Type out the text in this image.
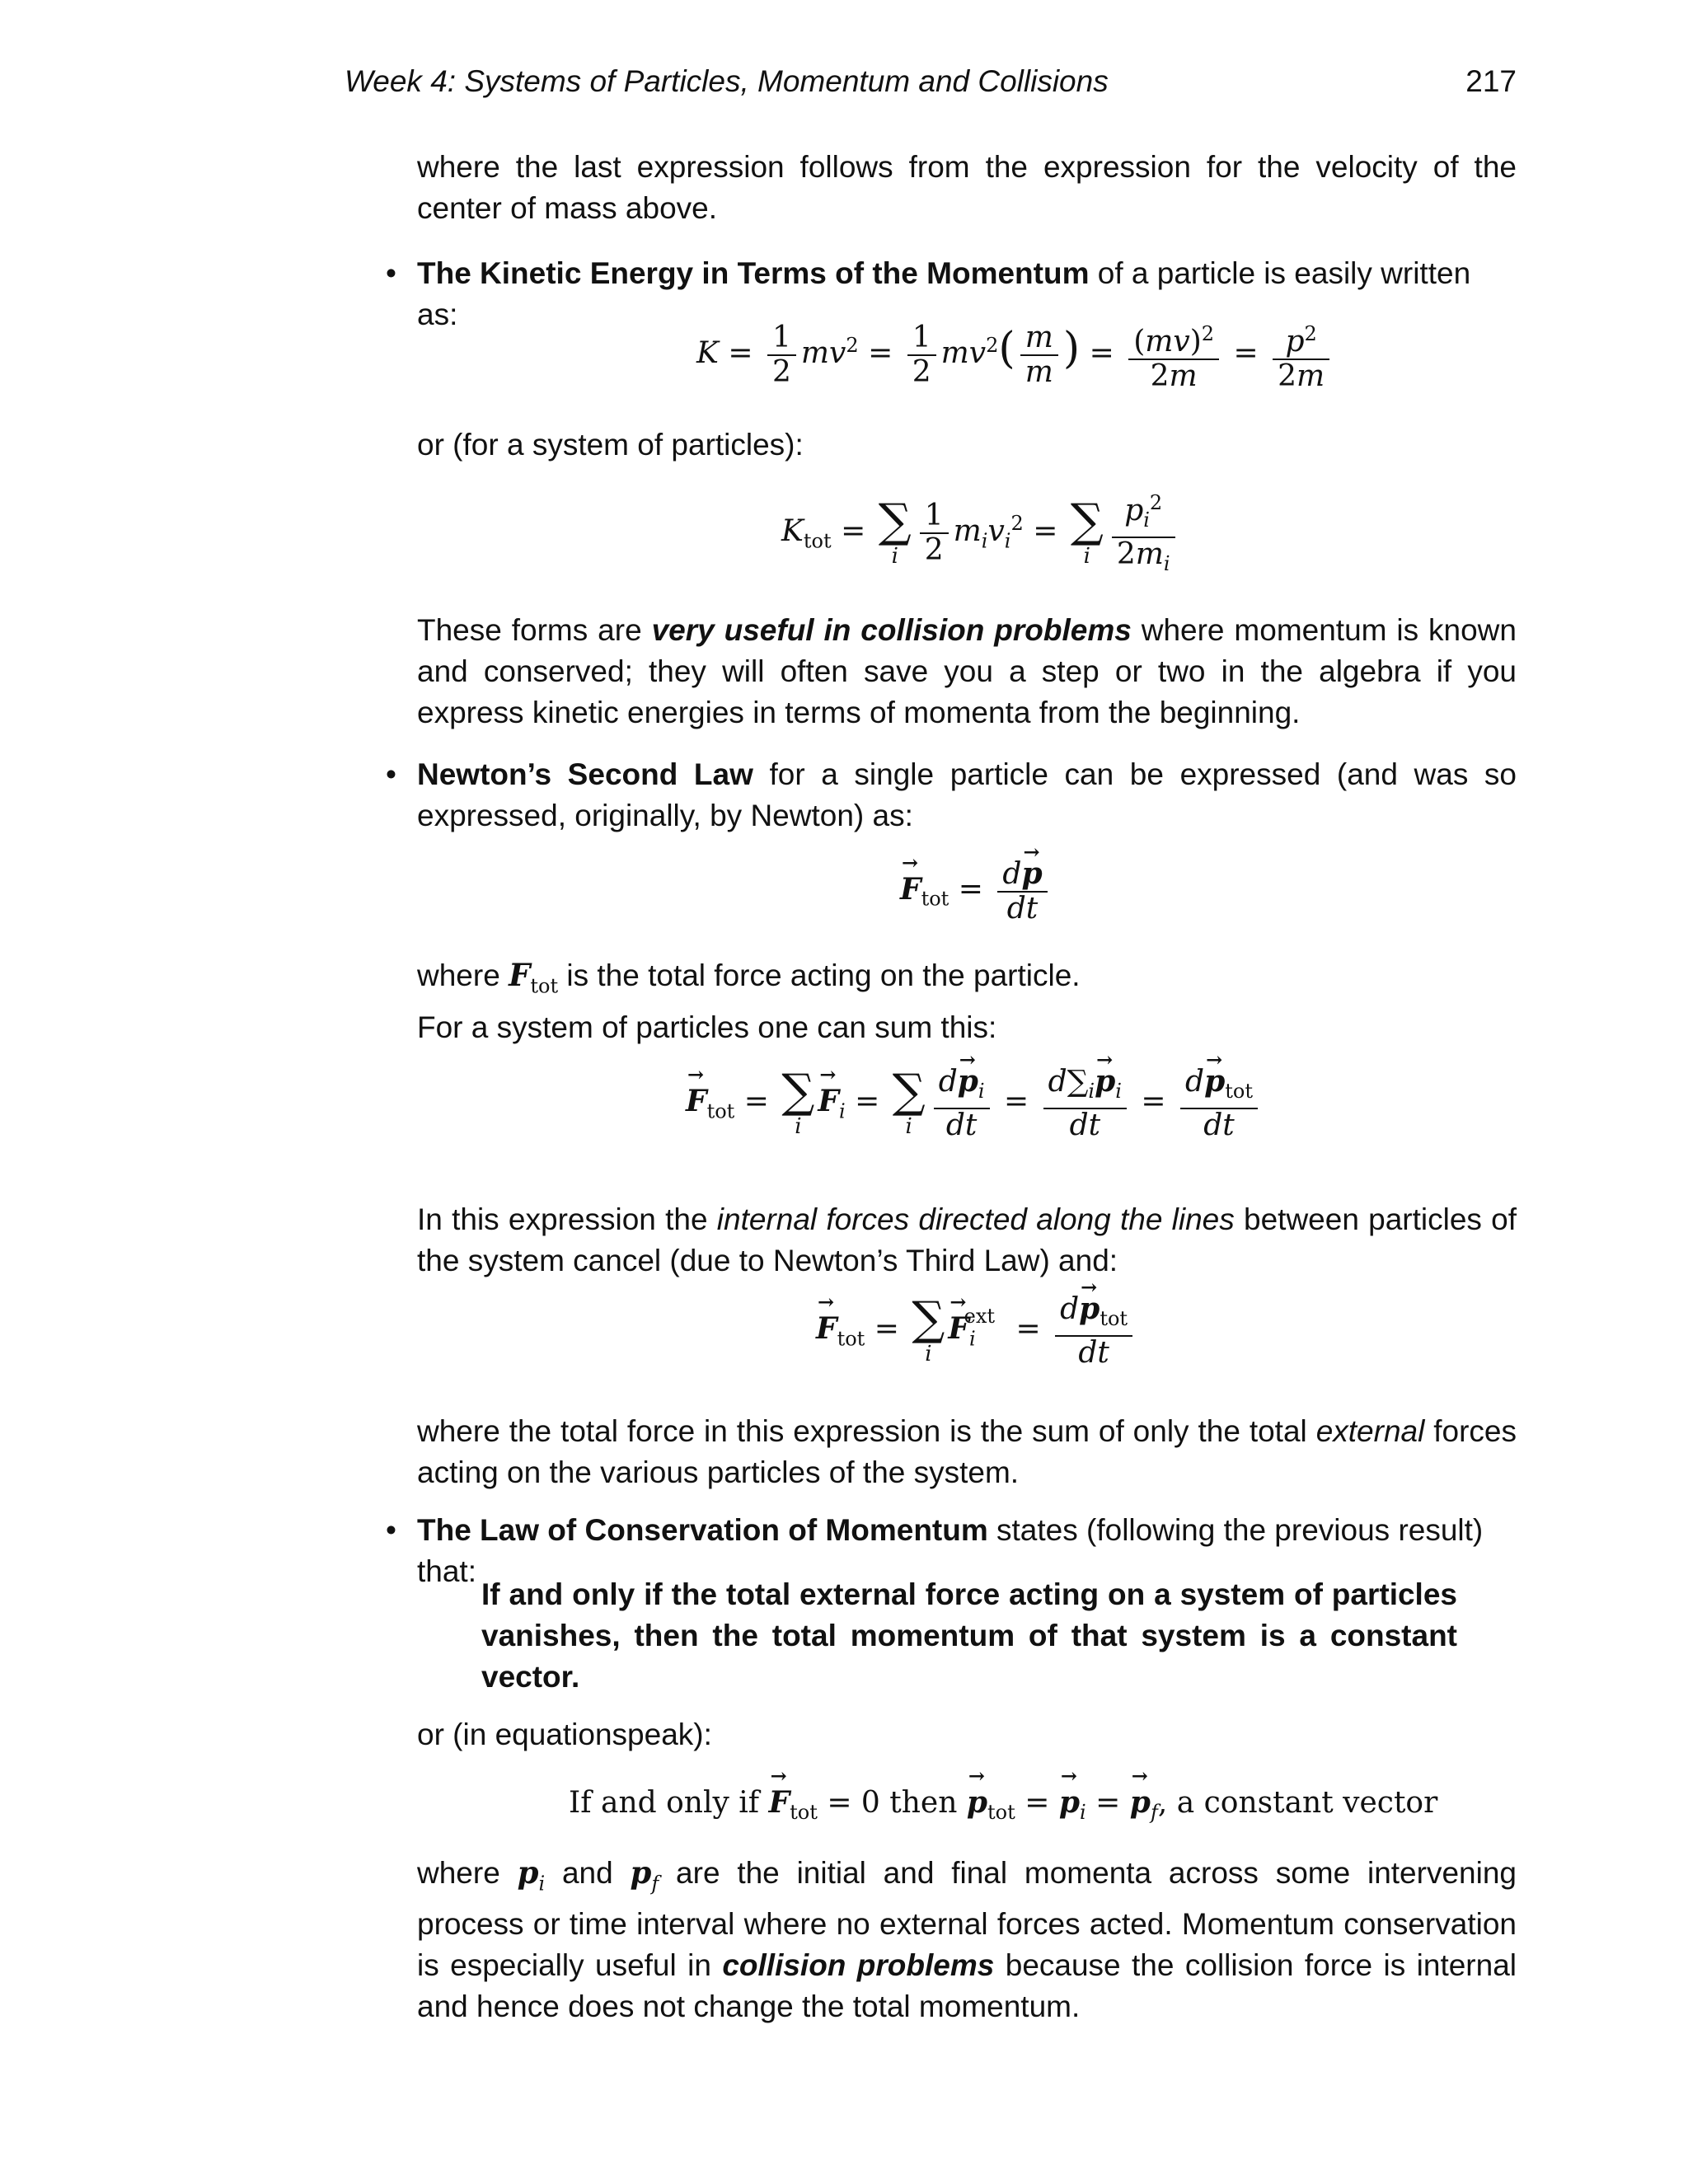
Week 4: Systems of Particles, Momentum and Collisions	217

where the last expression follows from the expression for the velocity of the center of mass above.

• The Kinetic Energy in Terms of the Momentum of a particle is easily written as:

$K = \frac{1}{2} mv^2 = \frac{1}{2} mv^2( \frac{m}{m}$ ) = $\frac{(mv)^2}{2m} = \frac{p^2}{2m}$

or (for a system of particles):

$K_{tot}$ = ∑
i $\frac{1}{2} m_iv_i^2$ = ∑
i $\frac{p_i^2}{2m_i}$

These forms are very useful in collision problems where momentum is known and conserved; they will often save you a step or two in the algebra if you express kinetic energies in terms of momenta from the beginning.

• Newton’s Second Law for a single particle can be expressed (and was so expressed, originally, by Newton) as:

→ $F_{tot} = \frac{d\to p}{dt}$

where $F_{tot}$ is the total force acting on the particle.

For a system of particles one can sum this:

→ $F_{tot}$ = ∑
i
→ $F_i$ = ∑
i $\frac{d\to p_i}{dt} = \frac{d\sum_i\to p_i}{dt} = \frac{d\to p_{tot}}{dt}$

In this expression the internal forces directed along the lines between particles of the system cancel (due to Newton’s Third Law) and:

→ $F_{tot}$ = ∑
i
→ $F_i^{ext} = \frac{d\to p_{tot}}{dt}$

where the total force in this expression is the sum of only the total external forces acting on the various particles of the system.

• The Law of Conservation of Momentum states (following the previous result) that:

If and only if the total external force acting on a system of particles vanishes, then the total momentum of that system is a constant vector.

or (in equationspeak):

If and only if → $F_{tot} = 0$ then → $p_{tot}$ = → $p_i$ = → $p_f$, a constant vector

where $p_i$ and $p_f$ are the initial and final momenta across some intervening process or time interval where no external forces acted. Momentum conservation is especially useful in collision problems because the collision force is internal and hence does not change the total momentum.
